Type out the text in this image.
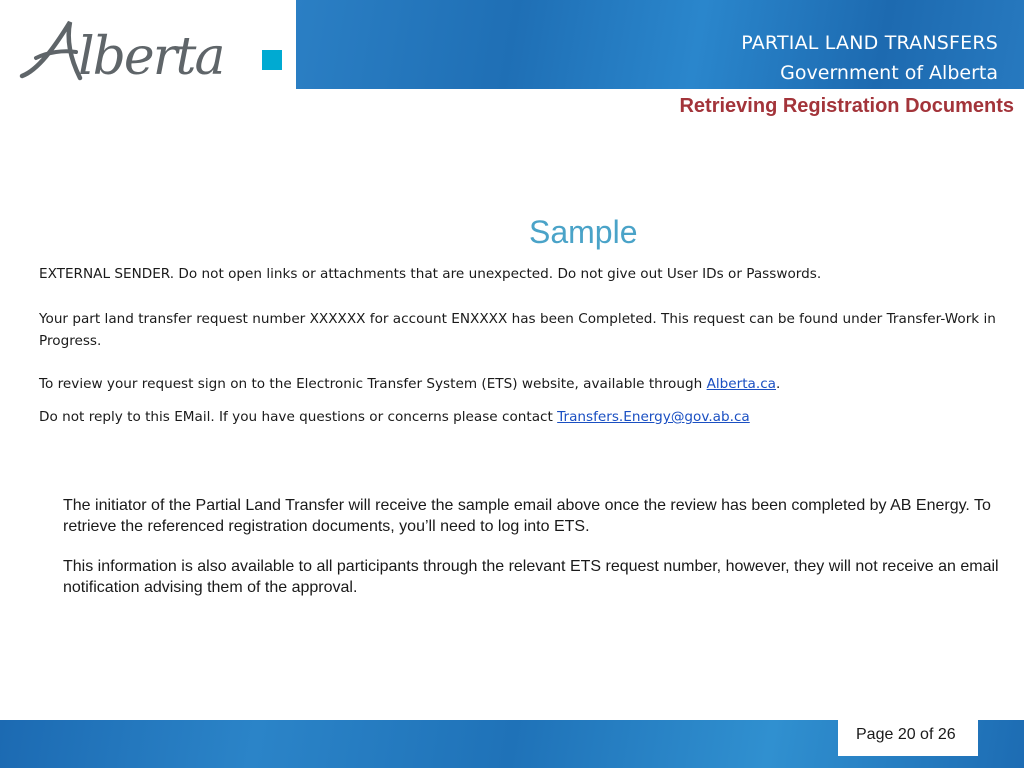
lberta	PARTIAL LAND TRANSFERS
Government of Alberta
Retrieving Registration Documents
Sample
EXTERNAL SENDER. Do not open links or attachments that are unexpected. Do not give out User IDs or Passwords.
Your part land transfer request number XXXXXX for account ENXXXX has been Completed. This request can be found under Transfer-Work in Progress.
To review your request sign on to the Electronic Transfer System (ETS) website, available through Alberta.ca.
Do not reply to this EMail. If you have questions or concerns please contact Transfers.Energy@gov.ab.ca
The initiator of the Partial Land Transfer will receive the sample email above once the review has been completed by AB Energy. To retrieve the referenced registration documents, you’ll need to log into ETS.
This information is also available to all participants through the relevant ETS request number, however, they will not receive an email notification advising them of the approval.
Page 20 of 26
